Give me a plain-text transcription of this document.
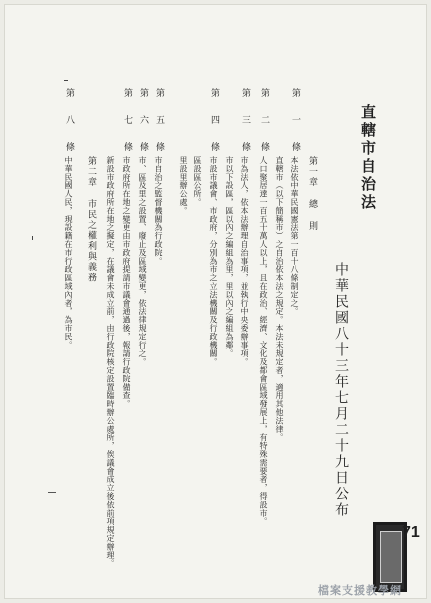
直轄市自治法
中華民國八十三年七月二十九日公布
第一章 總 則
第 一 條
本法依中華民國憲法第一百十八條制定之。
直轄市（以下簡稱市）之自治依本法之規定。本法未規定者，適用其他法律。
第 二 條
人口聚居達一百五十萬人以上，且在政治、經濟、文化及都會區域發展上，有特殊需要者，得設市。
第 三 條
市為法人，依本法辦理自治事項，並執行中央委辦事項。
市以下設區，區以內之編組為里，里以內之編組為鄰。
第 四 條
市設市議會、市政府，分別為市之立法機關及行政機關。
區設區公所。
里設里辦公處。
第 五 條
市自治之監督機關為行政院。
第 六 條
市、區及里之設置、廢止及區域變更，依法律規定行之。
第 七 條
市政府所在地之變更由市政府提請市議會通過後，報請行政院備查。
新設市政府所在地之擬定，在議會未成立前，由行政院核定設置臨時辦公處所，俟議會成立後依前項規定辦理。
第二章 市民之權利與義務
第 八 條
中華民國人民，現設籍在市行政區域內者，為市民。
71
檔案支援教學網
